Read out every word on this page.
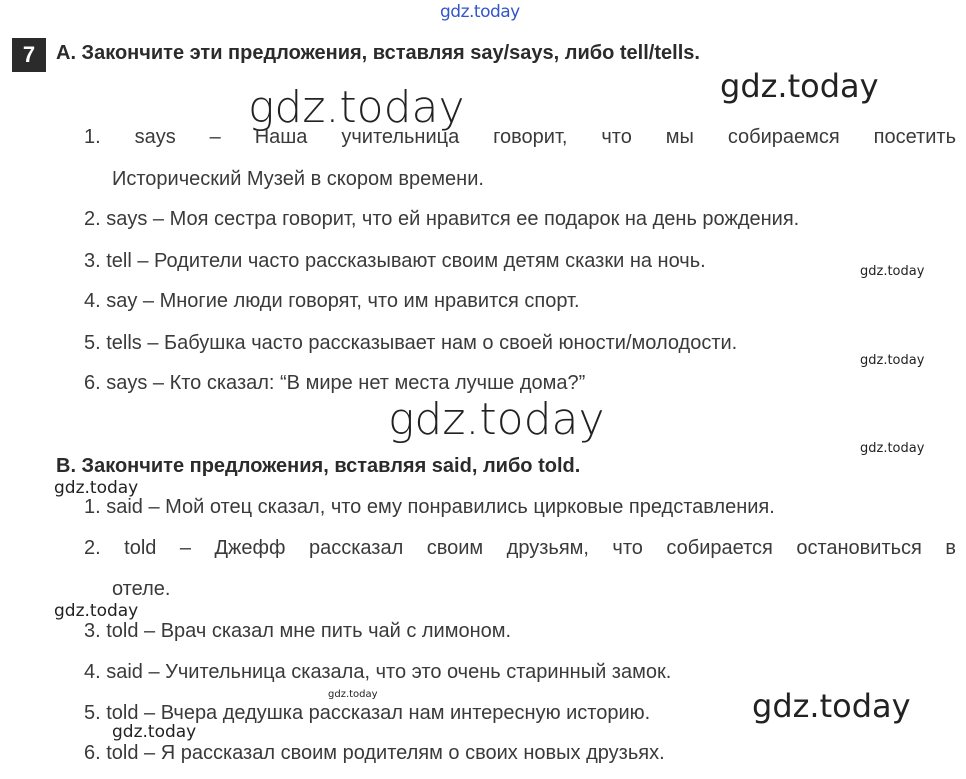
gdz.today
7	A. Закончите эти предложения, вставляя say/says, либо tell/tells.
gdz.today	gdz.today
1. says – Наша учительница говорит, что мы собираемся посетить
Исторический Музей в скором времени.
2. says – Моя сестра говорит, что ей нравится ее подарок на день рождения.
3. tell – Родители часто рассказывают своим детям сказки на ночь.	gdz.today
4. say – Многие люди говорят, что им нравится спорт.
5. tells – Бабушка часто рассказывает нам о своей юности/молодости.
gdz.today
6. says – Кто сказал: “В мире нет места лучше дома?”
gdz.today
gdz.today
B. Закончите предложения, вставляя said, либо told.
gdz.today
1. said – Мой отец сказал, что ему понравились цирковые представления.
2. told – Джефф рассказал своим друзьям, что собирается остановиться в
отеле.
gdz.today
3. told – Врач сказал мне пить чай с лимоном.
4. said – Учительница сказала, что это очень старинный замок.
gdz.today
5. told – Вчера дедушка рассказал нам интересную историю.	gdz.today
gdz.today
6. told – Я рассказал своим родителям о своих новых друзьях.
